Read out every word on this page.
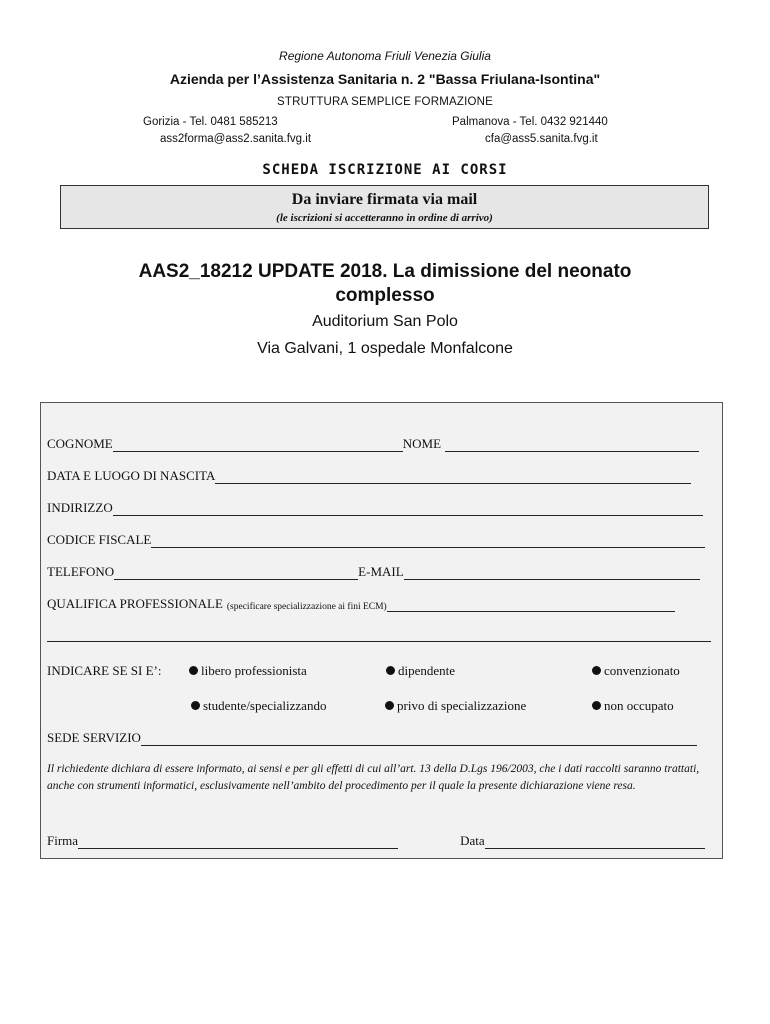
Regione Autonoma Friuli Venezia Giulia
Azienda per l’Assistenza Sanitaria n. 2 "Bassa Friulana-Isontina"
STRUTTURA SEMPLICE FORMAZIONE
Gorizia - Tel. 0481 585213
ass2forma@ass2.sanita.fvg.it
Palmanova - Tel. 0432 921440
cfa@ass5.sanita.fvg.it
SCHEDA ISCRIZIONE AI CORSI
Da inviare firmata via mail
(le iscrizioni si accetteranno in ordine di arrivo)
AAS2_18212 UPDATE 2018. La dimissione del neonato complesso
Auditorium San Polo
Via Galvani, 1 ospedale Monfalcone
COGNOME	NOME
DATA E LUOGO DI NASCITA
INDIRIZZO
CODICE FISCALE
TELEFONO	E-MAIL
QUALIFICA PROFESSIONALE (specificare specializzazione ai fini ECM)
INDICARE SE SI E’:	libero professionista	dipendente	convenzionato
studente/specializzando	privo di specializzazione	non occupato
SEDE SERVIZIO
Il richiedente dichiara di essere informato, ai sensi e per gli effetti di cui all’art. 13 della D.Lgs 196/2003, che i dati raccolti saranno trattati, anche con strumenti informatici, esclusivamente nell’ambito del procedimento per il quale la presente dichiarazione viene resa.
Firma	Data
